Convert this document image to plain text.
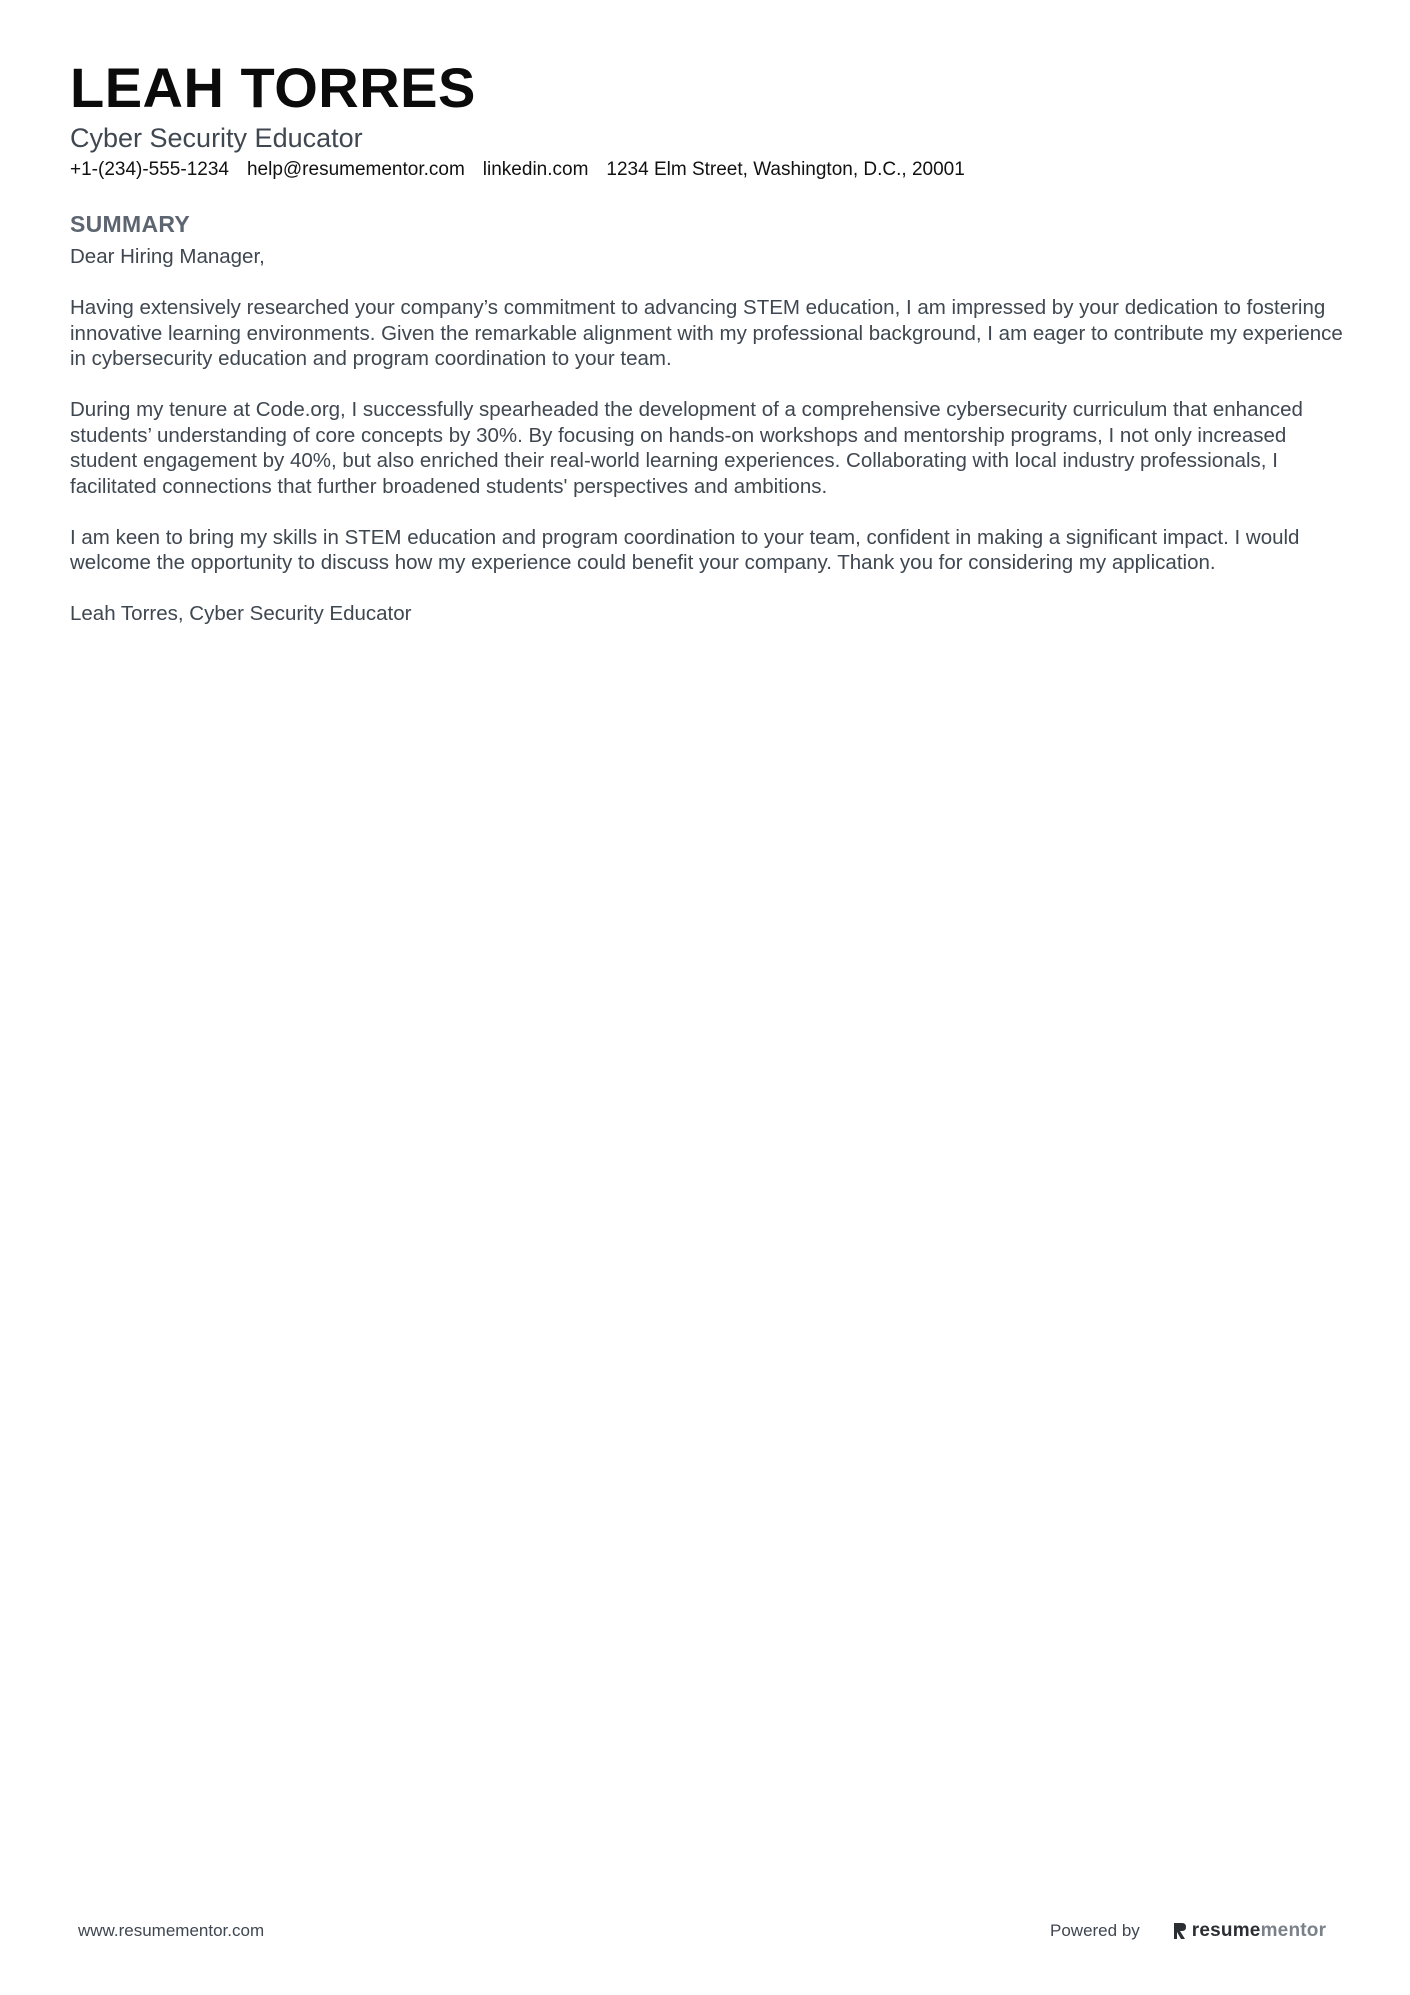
LEAH TORRES
Cyber Security Educator
+1-(234)-555-1234 help@resumementor.com linkedin.com 1234 Elm Street, Washington, D.C., 20001
SUMMARY

Dear Hiring Manager,

Having extensively researched your company’s commitment to advancing STEM education, I am impressed by your dedication to fostering innovative learning environments. Given the remarkable alignment with my professional background, I am eager to contribute my experience in cybersecurity education and program coordination to your team.

During my tenure at Code.org, I successfully spearheaded the development of a comprehensive cybersecurity curriculum that enhanced students’ understanding of core concepts by 30%. By focusing on hands-on workshops and mentorship programs, I not only increased student engagement by 40%, but also enriched their real-world learning experiences. Collaborating with local industry professionals, I facilitated connections that further broadened students' perspectives and ambitions.

I am keen to bring my skills in STEM education and program coordination to your team, confident in making a significant impact. I would welcome the opportunity to discuss how my experience could benefit your company. Thank you for considering my application.

Leah Torres, Cyber Security Educator

www.resumementor.com	Powered by	resumementor
